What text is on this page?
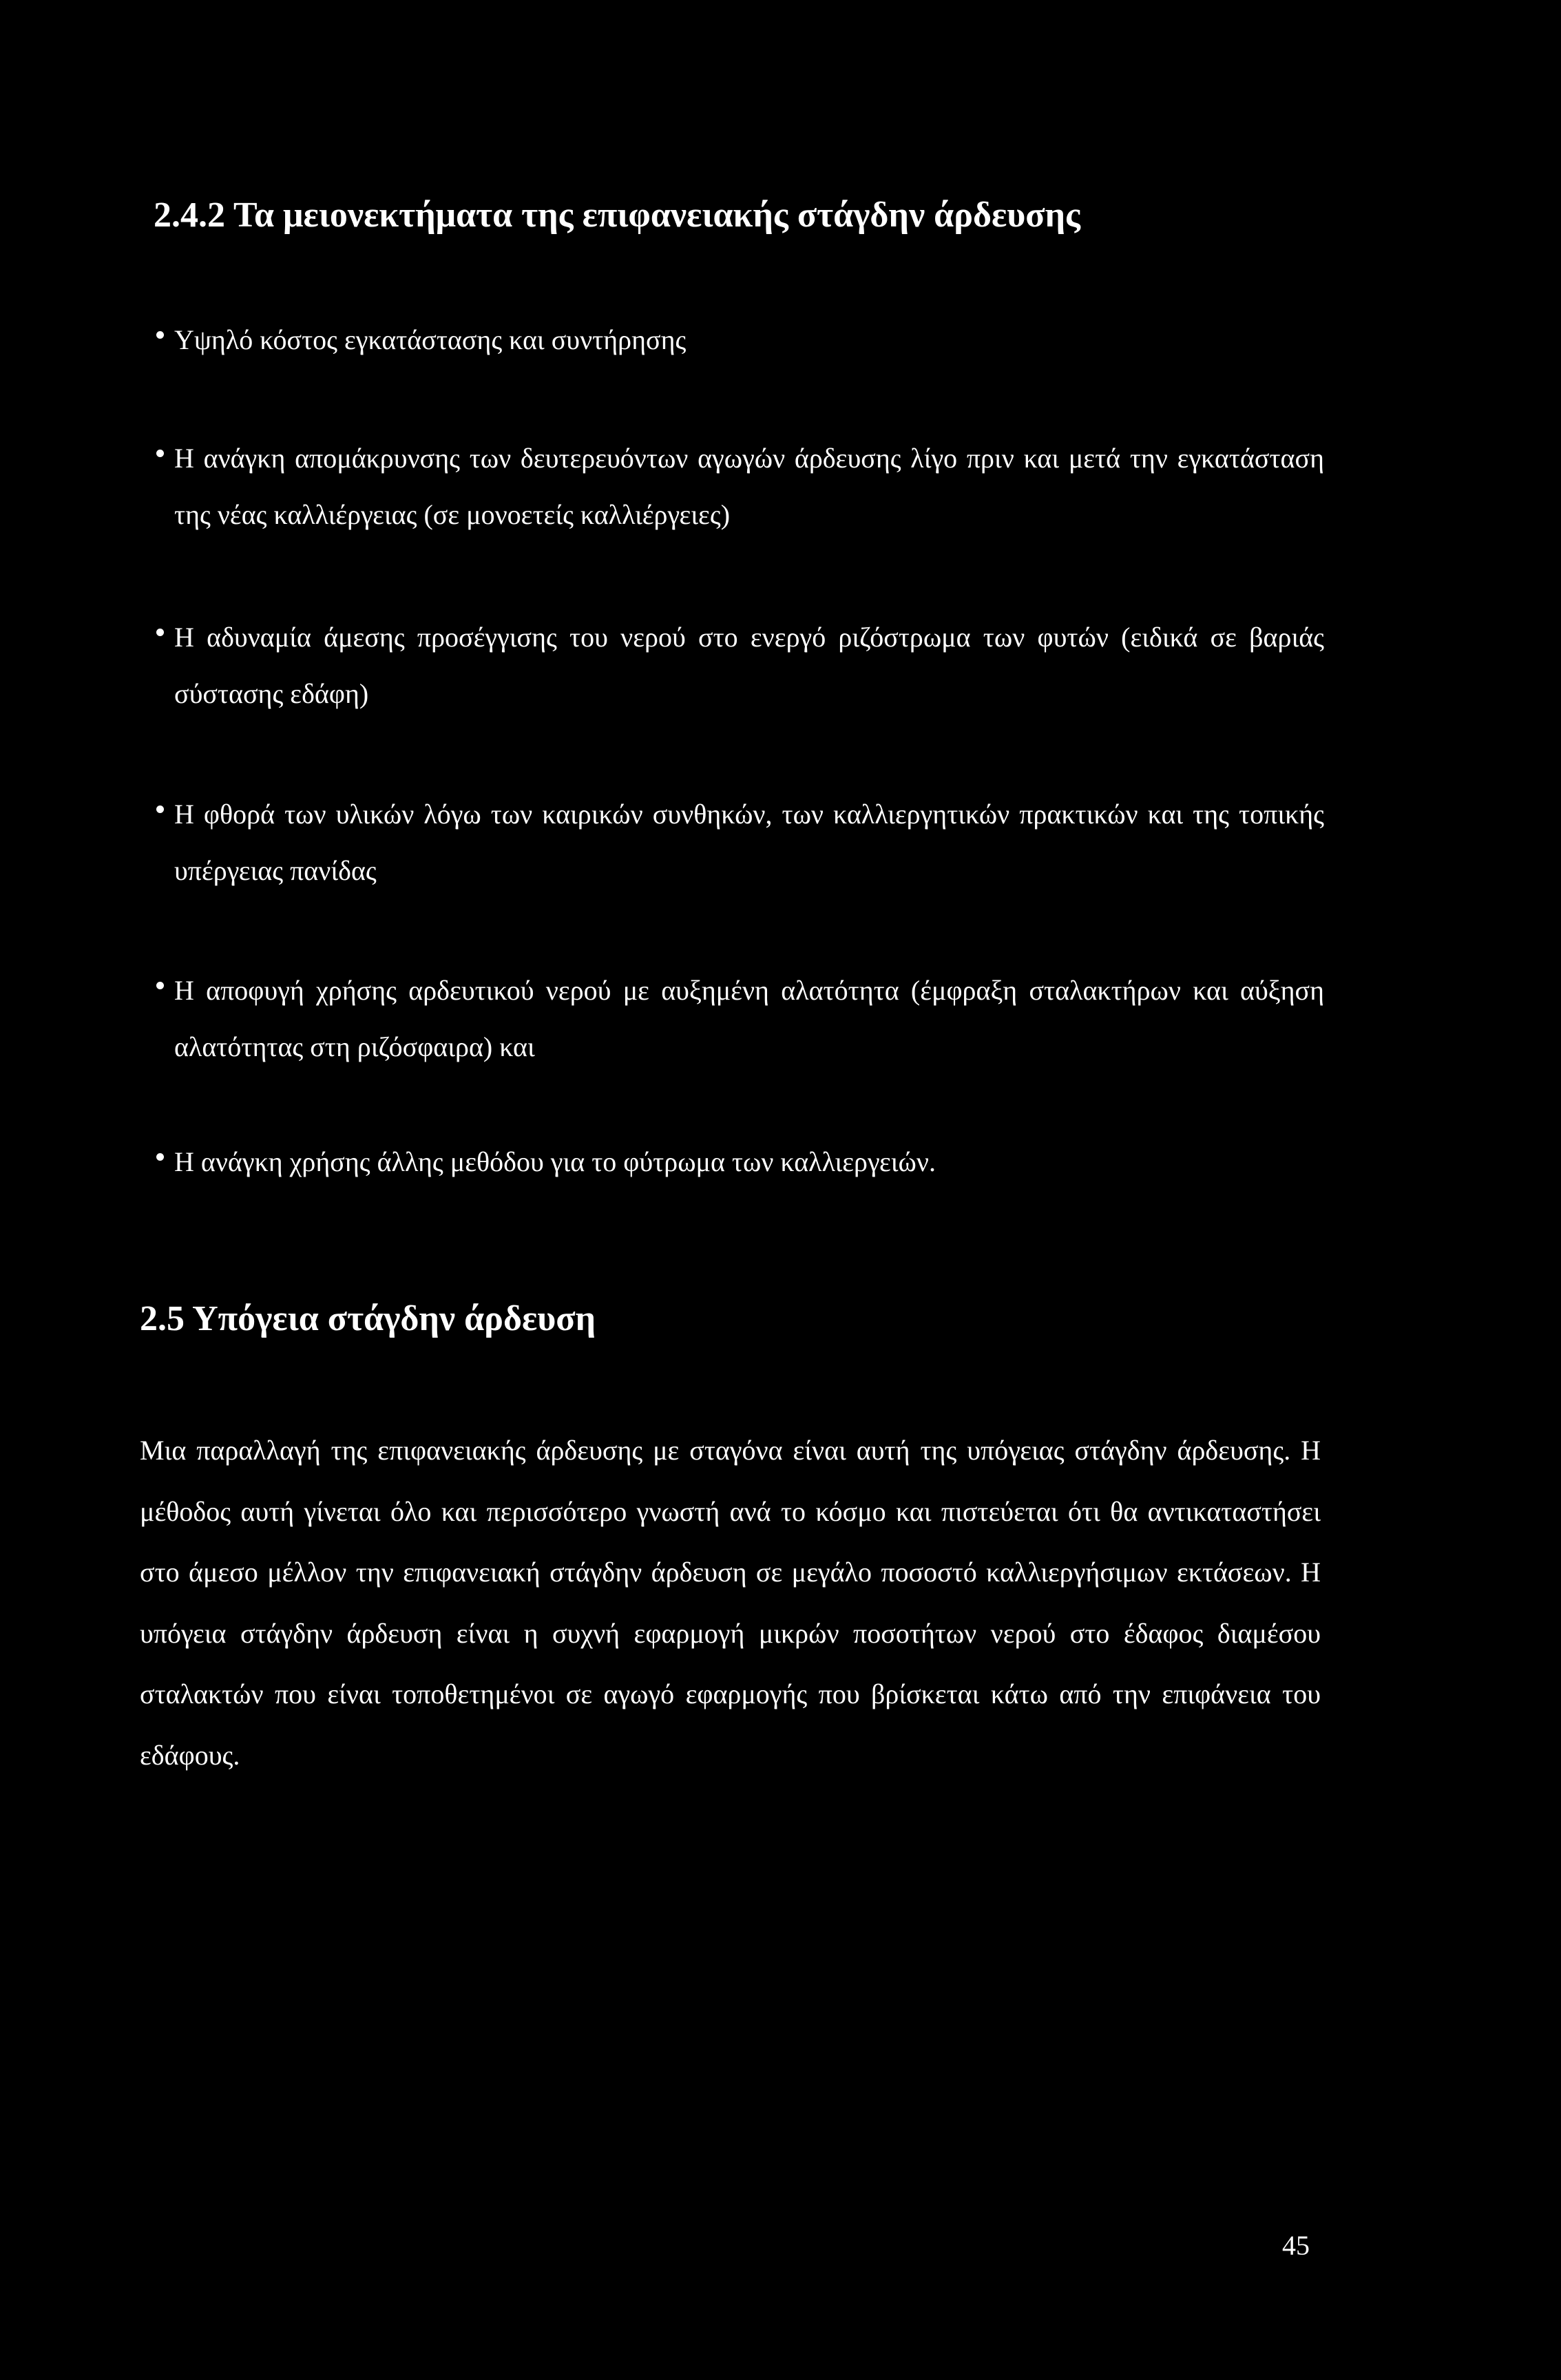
2.4.2 Τα μειονεκτήματα της επιφανειακής στάγδην άρδευσης
Υψηλό κόστος εγκατάστασης και συντήρησης
Η ανάγκη απομάκρυνσης των δευτερευόντων αγωγών άρδευσης λίγο πριν και μετά την εγκατάσταση της νέας καλλιέργειας (σε μονοετείς καλλιέργειες)
Η αδυναμία άμεσης προσέγγισης του νερού στο ενεργό ριζόστρωμα των φυτών (ειδικά σε βαριάς σύστασης εδάφη)
Η φθορά των υλικών λόγω των καιρικών συνθηκών, των καλλιεργητικών πρακτικών και της τοπικής υπέργειας πανίδας
Η αποφυγή χρήσης αρδευτικού νερού με αυξημένη αλατότητα (έμφραξη σταλακτήρων και αύξηση αλατότητας στη ριζόσφαιρα) και
Η ανάγκη χρήσης άλλης μεθόδου για το φύτρωμα των καλλιεργειών.
2.5 Υπόγεια στάγδην άρδευση

Μια παραλλαγή της επιφανειακής άρδευσης με σταγόνα είναι αυτή της υπόγειας στάγδην άρδευσης. Η μέθοδος αυτή γίνεται όλο και περισσότερο γνωστή ανά το κόσμο και πιστεύεται ότι θα αντικαταστήσει στο άμεσο μέλλον την επιφανειακή στάγδην άρδευση σε μεγάλο ποσοστό καλλιεργήσιμων εκτάσεων. Η υπόγεια στάγδην άρδευση είναι η συχνή εφαρμογή μικρών ποσοτήτων νερού στο έδαφος διαμέσου σταλακτών που είναι τοποθετημένοι σε αγωγό εφαρμογής που βρίσκεται κάτω από την επιφάνεια του εδάφους.

45
